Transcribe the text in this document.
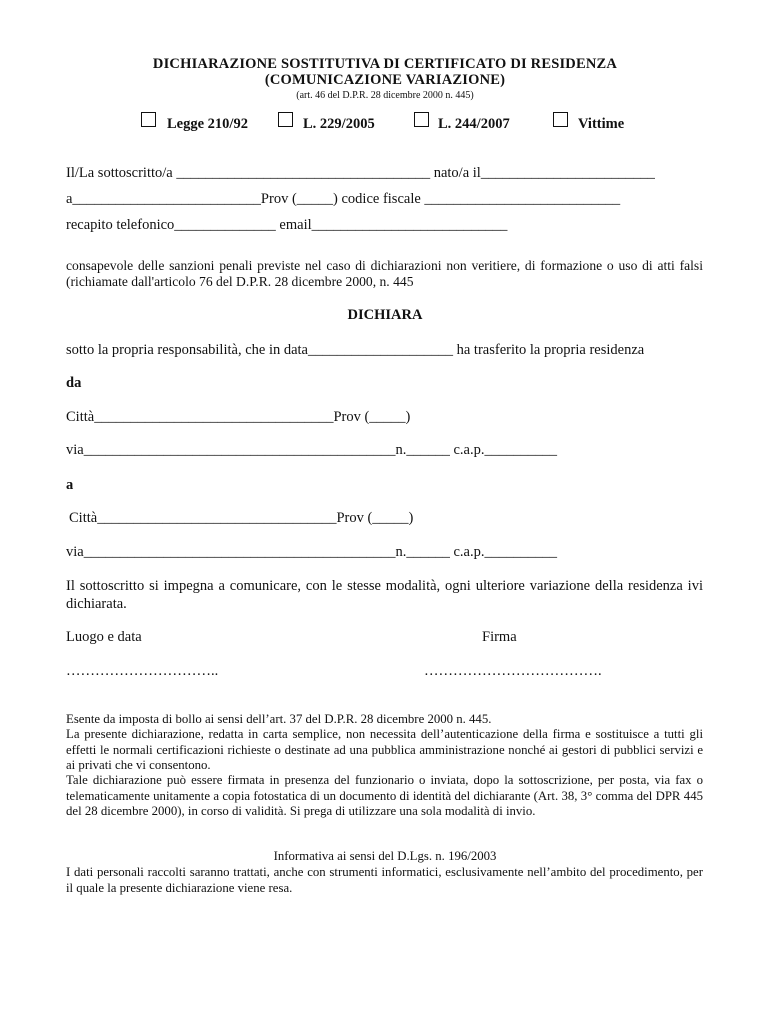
DICHIARAZIONE SOSTITUTIVA DI CERTIFICATO DI RESIDENZA
(COMUNICAZIONE VARIAZIONE)
(art. 46 del D.P.R. 28 dicembre 2000 n. 445)
Legge 210/92	L. 229/2005	L. 244/2007	Vittime
Il/La sottoscritto/a ___________________________________ nato/a il________________________
a__________________________Prov (_____) codice fiscale ___________________________
recapito telefonico______________ email___________________________
consapevole delle sanzioni penali previste nel caso di dichiarazioni non veritiere, di formazione o uso di atti falsi (richiamate dall'articolo 76 del D.P.R. 28 dicembre 2000, n. 445
DICHIARA
sotto la propria responsabilità, che in data____________________ ha trasferito la propria residenza
da
Città_________________________________Prov (_____)
via___________________________________________n.______ c.a.p.__________
a
Città_________________________________Prov (_____)
via___________________________________________n.______ c.a.p.__________
Il sottoscritto si impegna a comunicare, con le stesse modalità, ogni ulteriore variazione della residenza ivi dichiarata.
Luogo e data	Firma
…………………………..	……………………………….
Esente da imposta di bollo ai sensi dell’art. 37 del D.P.R. 28 dicembre 2000 n. 445.
La presente dichiarazione, redatta in carta semplice, non necessita dell’autenticazione della firma e sostituisce a tutti gli effetti le normali certificazioni richieste o destinate ad una pubblica amministrazione nonché ai gestori di pubblici servizi e ai privati che vi consentono.
Tale dichiarazione può essere firmata in presenza del funzionario o inviata, dopo la sottoscrizione, per posta, via fax o telematicamente unitamente a copia fotostatica di un documento di identità del dichiarante (Art. 38, 3° comma del DPR 445 del 28 dicembre 2000), in corso di validità. Si prega di utilizzare una sola modalità di invio.
Informativa ai sensi del D.Lgs. n. 196/2003
I dati personali raccolti saranno trattati, anche con strumenti informatici, esclusivamente nell’ambito del procedimento, per il quale la presente dichiarazione viene resa.
